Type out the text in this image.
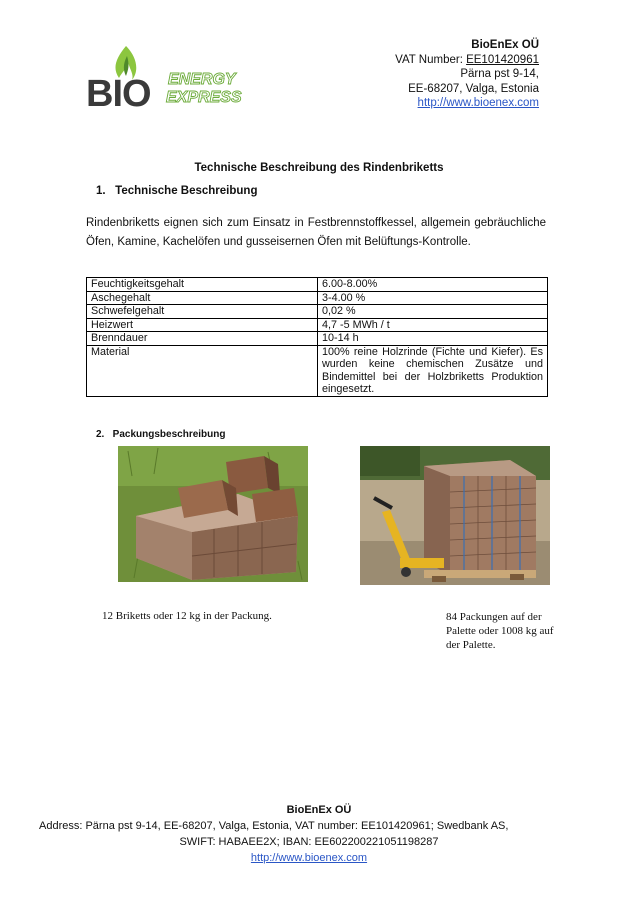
BIO ENERGY
EXPRESS
BioEnEx OÜ
VAT Number: EE101420961
Pärna pst 9-14,
EE-68207, Valga, Estonia
http://www.bioenex.com
Technische Beschreibung des Rindenbriketts
1.   Technische Beschreibung
Rindenbriketts eignen sich zum Einsatz in Festbrennstoffkessel, allgemein gebräuchliche Öfen, Kamine, Kachelöfen und gusseisernen Öfen mit Belüftungs-Kontrolle.
Feuchtigkeitsgehalt	6.00-8.00%
Aschegehalt	3-4.00 %
Schwefelgehalt	0,02 %
Heizwert	4,7 -5 MWh / t
Brenndauer	10-14 h
Material	100% reine Holzrinde (Fichte und Kiefer). Es wurden keine chemischen Zusätze und Bindemittel bei der Holzbriketts Produktion eingesetzt.
2.   Packungsbeschreibung
12 Briketts oder 12 kg in der Packung.	84 Packungen auf der Palette oder 1008 kg auf der Palette.
BioEnEx OÜ
Address: Pärna pst 9-14, EE-68207, Valga, Estonia, VAT number: EE101420961; Swedbank AS,
SWIFT: HABAEE2X; IBAN: EE602200221051198287
http://www.bioenex.com
